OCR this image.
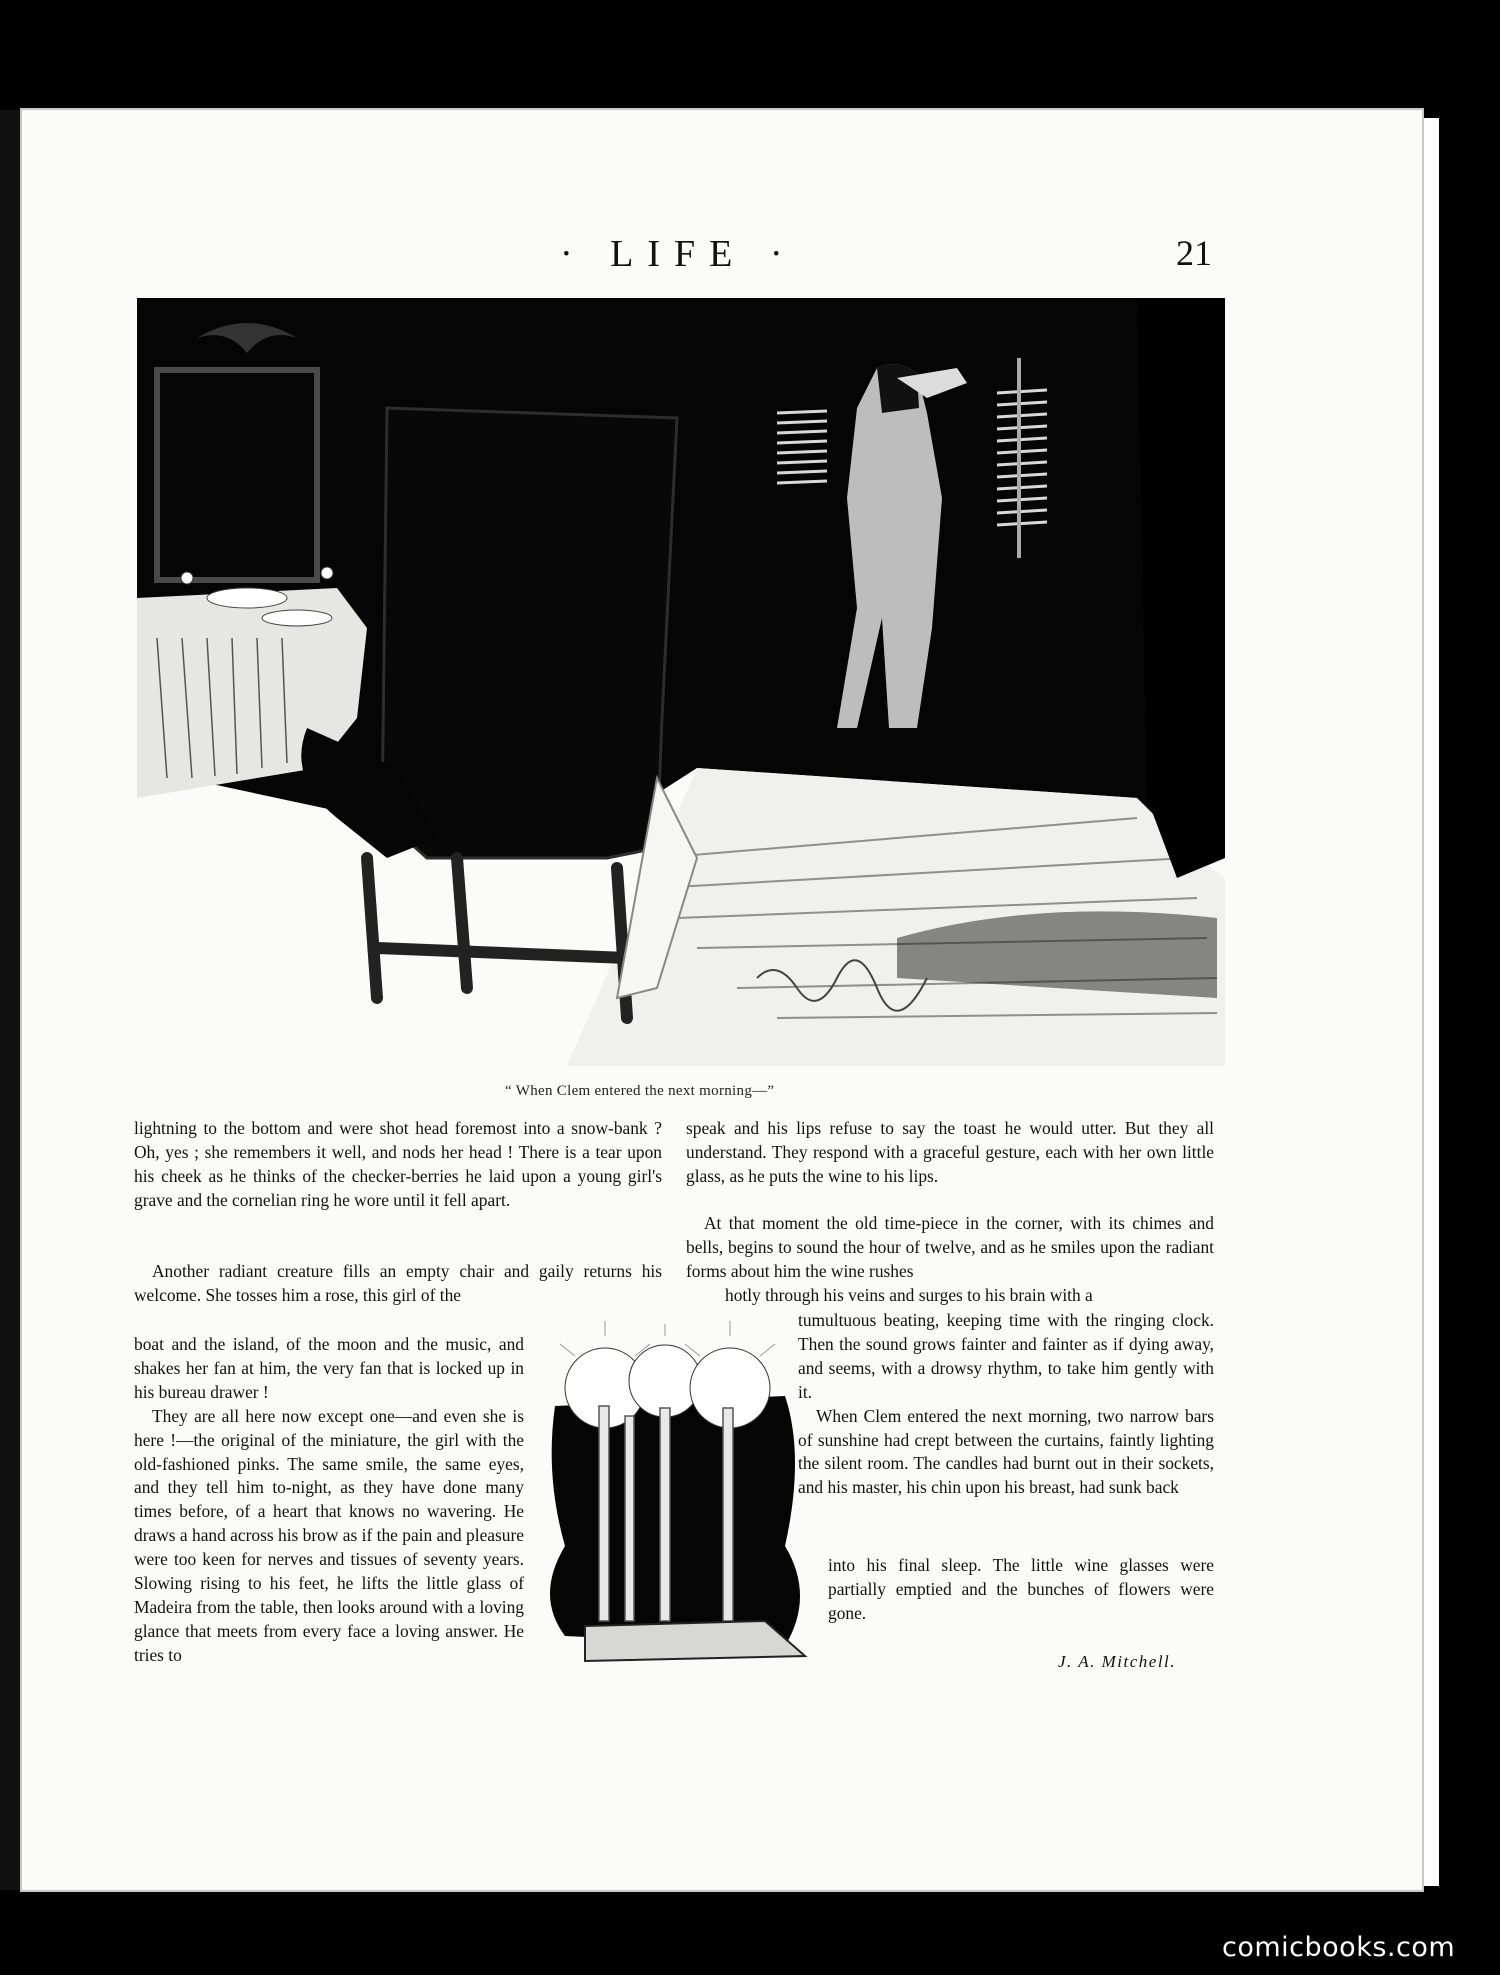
· LIFE ·	21
“ When Clem entered the next morning—”

lightning to the bottom and were shot head foremost into a snow-bank ? Oh, yes ; she remembers it well, and nods her head ! There is a tear upon his cheek as he thinks of the checker-berries he laid upon a young girl's grave and the cornelian ring he wore until it fell apart.

Another radiant creature fills an empty chair and gaily returns his welcome. She tosses him a rose, this girl of the

boat and the island, of the moon and the music, and shakes her fan at him, the very fan that is locked up in his bureau drawer !

They are all here now except one—and even she is here !—the original of the miniature, the girl with the old-fashioned pinks. The same smile, the same eyes, and they tell him to-night, as they have done many times before, of a heart that knows no wavering. He draws a hand across his brow as if the pain and pleasure were too keen for nerves and tissues of seventy years. Slowing rising to his feet, he lifts the little glass of Madeira from the table, then looks around with a loving glance that meets from every face a loving answer. He tries to

speak and his lips refuse to say the toast he would utter. But they all understand. They respond with a graceful gesture, each with her own little glass, as he puts the wine to his lips.

At that moment the old time-piece in the corner, with its chimes and bells, begins to sound the hour of twelve, and as he smiles upon the radiant forms about him the wine rushes

hotly through his veins and surges to his brain with a

tumultuous beating, keeping time with the ringing clock. Then the sound grows fainter and fainter as if dying away, and seems, with a drowsy rhythm, to take him gently with it.

When Clem entered the next morning, two narrow bars of sunshine had crept between the curtains, faintly lighting the silent room. The candles had burnt out in their sockets, and his master, his chin upon his breast, had sunk back

into his final sleep. The little wine glasses were partially emptied and the bunches of flowers were gone.

J. A. Mitchell.
comicbooks.com
